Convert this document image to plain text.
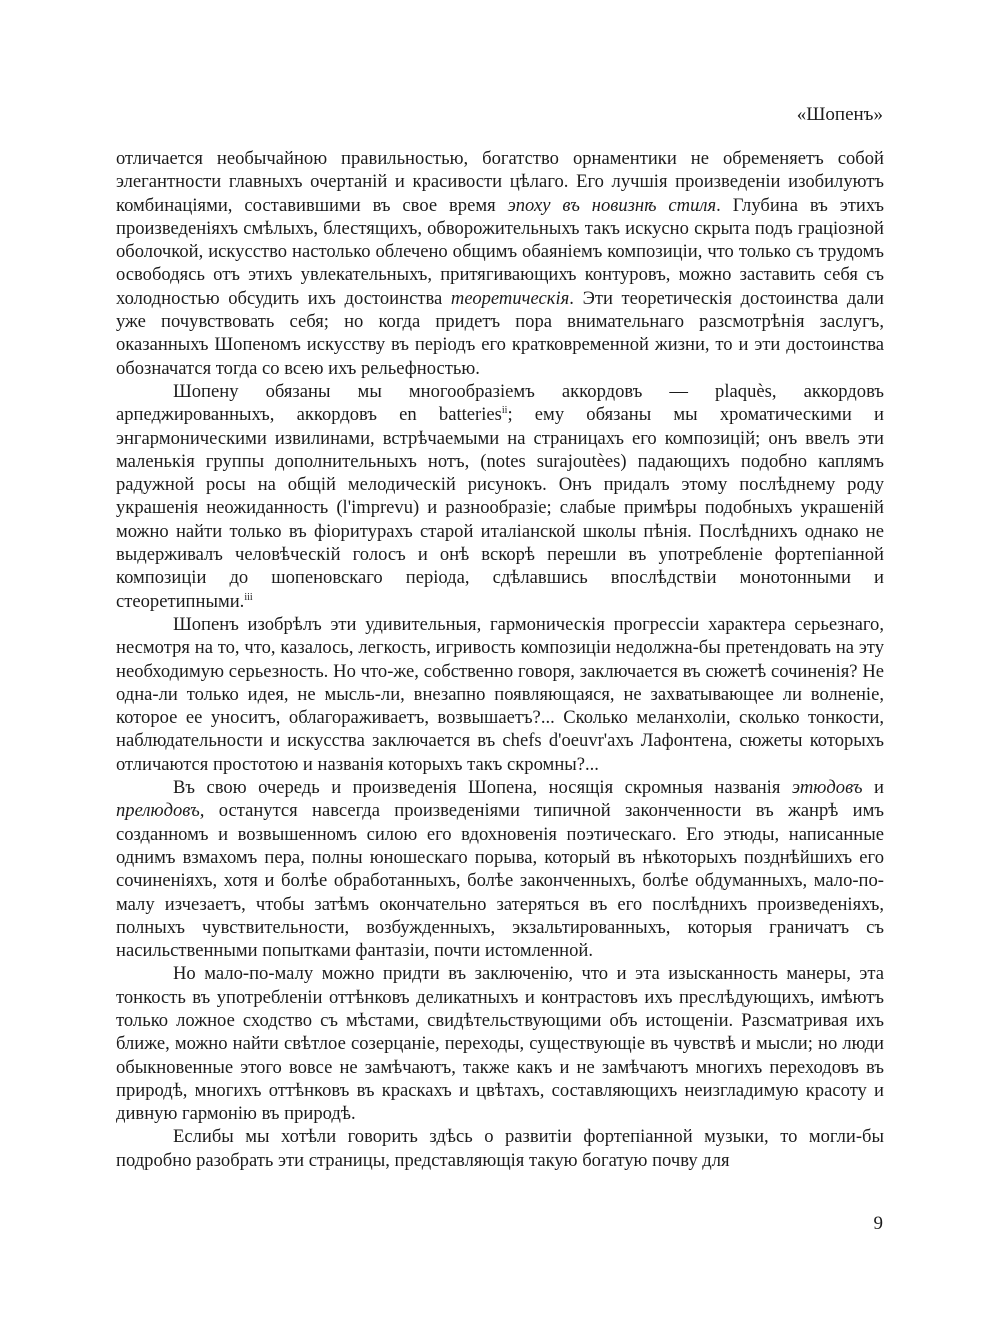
«Шопенъ»

отличается необычайною правильностью, богатство орнаментики не обременяетъ собой элегантности главныхъ очертаній и красивости цѣлаго. Его лучшія произведеніи изобилуютъ комбинаціями, составившими въ свое время эпоху въ новизнѣ стиля. Глубина въ этихъ произведеніяхъ смѣлыхъ, блестящихъ, обворожительныхъ такъ искусно скрыта подъ граціозной оболочкой, искусство настолько облечено общимъ обаяніемъ композиціи, что только съ трудомъ освободясь отъ этихъ увлекательныхъ, притягивающихъ контуровъ, можно заставить себя съ холодностью обсудить ихъ достоинства теоретическія. Эти теоретическія достоинства дали уже почувствовать себя; но когда придетъ пора внимательнаго разсмотрѣнія заслугъ, оказанныхъ Шопеномъ искусству въ періодъ его кратковременной жизни, то и эти достоинства обозначатся тогда со всею ихъ рельефностью.

Шопену обязаны мы многообразіемъ аккордовъ — plaquès, аккордовъ арпеджированныхъ, аккордовъ en batteries$^{ii}$; ему обязаны мы хроматическими и энгармоническими извилинами, встрѣчаемыми на страницахъ его композицій; онъ ввелъ эти маленькія группы дополнительныхъ нотъ, (notes surajoutèes) падающихъ подобно каплямъ радужной росы на общій мелодическій рисунокъ. Онъ придалъ этому послѣднему роду украшенія неожиданность (l'imprevu) и разнообразіе; слабые примѣры подобныхъ украшеній можно найти только въ фіоритурахъ старой италіанской школы пѣнія. Послѣднихъ однако не выдерживалъ человѣческій голосъ и онѣ вскорѣ перешли въ употребленіе фортепіанной композиціи до шопеновскаго періода, сдѣлавшись впослѣдствіи монотонными и стеоретипными.$^{iii}$

Шопенъ изобрѣлъ эти удивительныя, гармоническія прогрессіи характера серьезнаго, несмотря на то, что, казалось, легкость, игривость композиціи недолжна-бы претендовать на эту необходимую серьезность. Но что-же, собственно говоря, заключается въ сюжетѣ сочиненія? Не одна-ли только идея, не мысль-ли, внезапно появляющаяся, не захватывающее ли волненіе, которое ее уноситъ, облагораживаетъ, возвышаетъ?... Сколько меланхоліи, сколько тонкости, наблюдательности и искусства заключается въ chefs d'oeuvr'ахъ Лафонтена, сюжеты которыхъ отличаются простотою и названія которыхъ такъ скромны?...

Въ свою очередь и произведенія Шопена, носящія скромныя названія этюдовъ и прелюдовъ, останутся навсегда произведеніями типичной законченности въ жанрѣ имъ созданномъ и возвышенномъ силою его вдохновенія поэтическаго. Его этюды, написанные однимъ взмахомъ пера, полны юношескаго порыва, который въ нѣкоторыхъ позднѣйшихъ его сочиненіяхъ, хотя и болѣе обработанныхъ, болѣе законченныхъ, болѣе обдуманныхъ, мало-по-малу изчезаетъ, чтобы затѣмъ окончательно затеряться въ его послѣднихъ произведеніяхъ, полныхъ чувствительности, возбужденныхъ, экзальтированныхъ, которыя граничатъ съ насильственными попытками фантазіи, почти истомленной.

Но мало-по-малу можно придти въ заключенію, что и эта изысканность манеры, эта тонкость въ употребленіи оттѣнковъ деликатныхъ и контрастовъ ихъ преслѣдующихъ, имѣютъ только ложное сходство съ мѣстами, свидѣтельствующими объ истощеніи. Разсматривая ихъ ближе, можно найти свѣтлое созерцаніе, переходы, существующіе въ чувствѣ и мысли; но люди обыкновенные этого вовсе не замѣчаютъ, также какъ и не замѣчаютъ многихъ переходовъ въ природѣ, многихъ оттѣнковъ въ краскахъ и цвѣтахъ, составляющихъ неизгладимую красоту и дивную гармонію въ природѣ.

Еслибы мы хотѣли говорить здѣсь о развитіи фортепіанной музыки, то могли-бы подробно разобрать эти страницы, представляющія такую богатую почву для

9
